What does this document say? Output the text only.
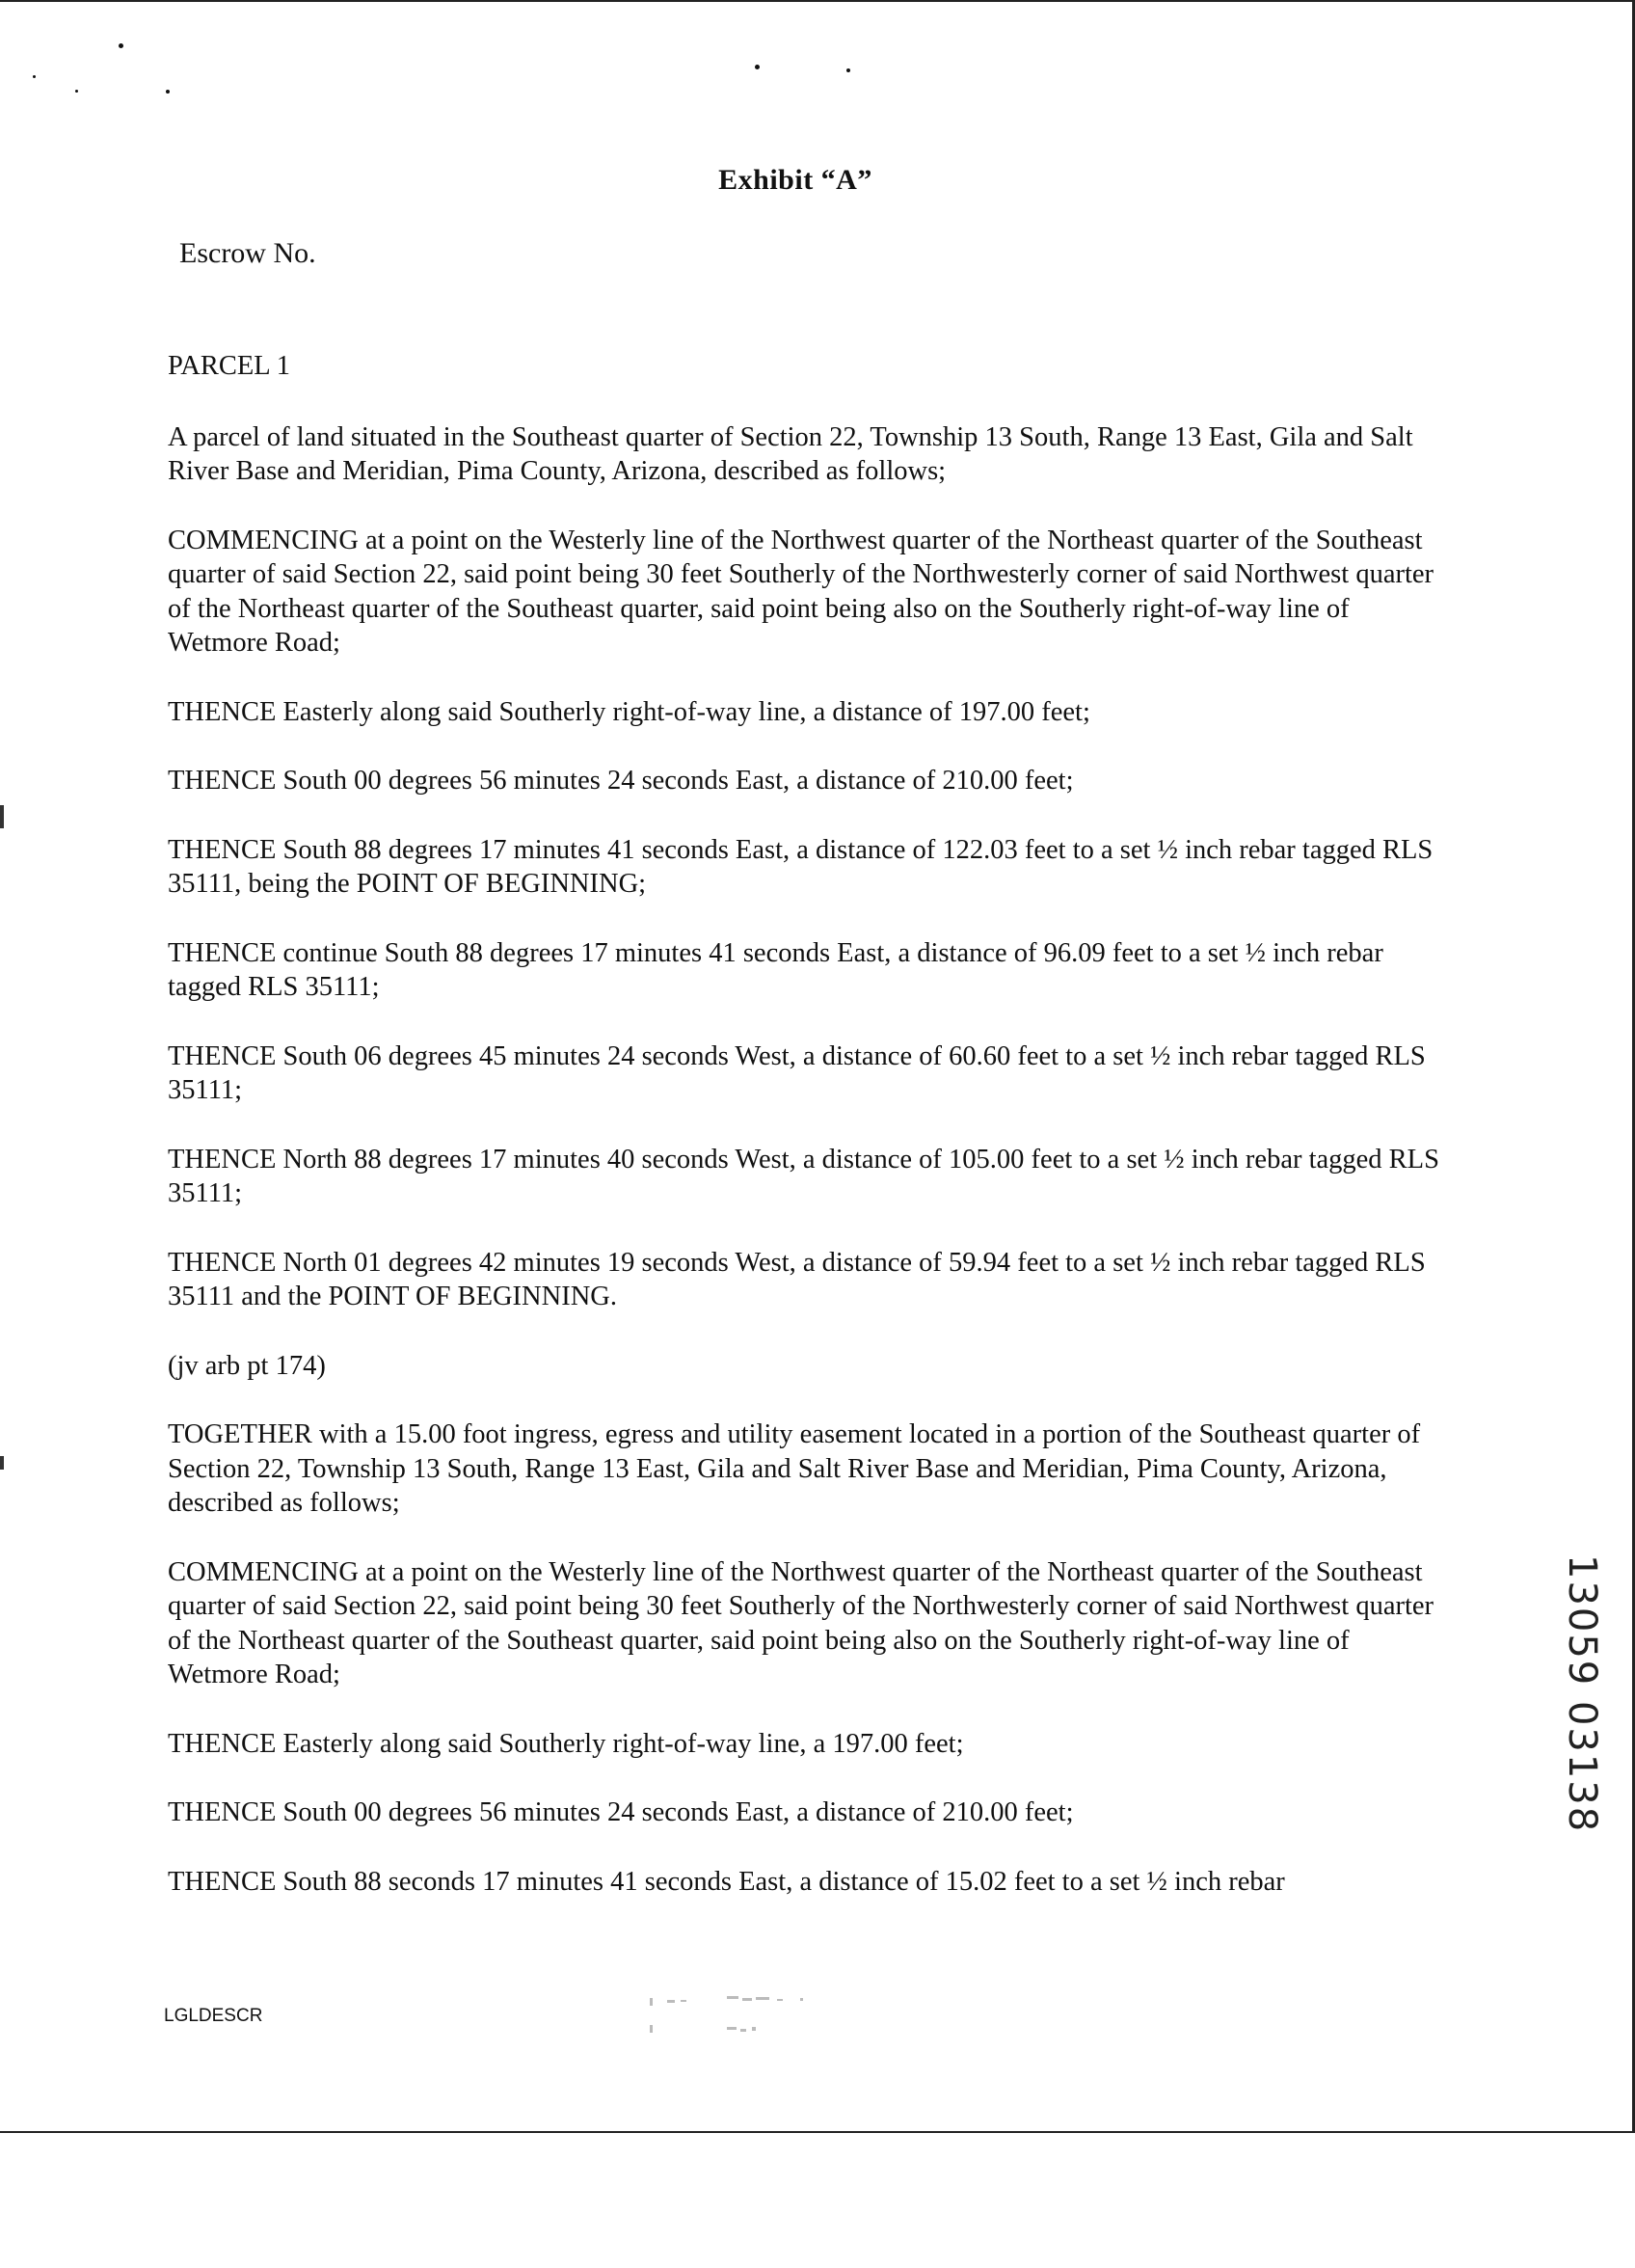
Exhibit “A”
Escrow No.

PARCEL 1

A parcel of land situated in the Southeast quarter of Section 22, Township 13 South, Range 13 East, Gila and Salt River Base and Meridian, Pima County, Arizona, described as follows;

COMMENCING at a point on the Westerly line of the Northwest quarter of the Northeast quarter of the Southeast quarter of said Section 22, said point being 30 feet Southerly of the Northwesterly corner of said Northwest quarter of the Northeast quarter of the Southeast quarter, said point being also on the Southerly right-of-way line of Wetmore Road;

THENCE Easterly along said Southerly right-of-way line, a distance of 197.00 feet;

THENCE South 00 degrees 56 minutes 24 seconds East, a distance of 210.00 feet;

THENCE South 88 degrees 17 minutes 41 seconds East, a distance of 122.03 feet to a set ½ inch rebar tagged RLS 35111, being the POINT OF BEGINNING;

THENCE continue South 88 degrees 17 minutes 41 seconds East, a distance of 96.09 feet to a set ½ inch rebar tagged RLS 35111;

THENCE South 06 degrees 45 minutes 24 seconds West, a distance of 60.60 feet to a set ½ inch rebar tagged RLS 35111;

THENCE North 88 degrees 17 minutes 40 seconds West, a distance of 105.00 feet to a set ½ inch rebar tagged RLS 35111;

THENCE North 01 degrees 42 minutes 19 seconds West, a distance of 59.94 feet to a set ½ inch rebar tagged RLS 35111 and the POINT OF BEGINNING.

(jv arb pt 174)

TOGETHER with a 15.00 foot ingress, egress and utility easement located in a portion of the Southeast quarter of Section 22, Township 13 South, Range 13 East, Gila and Salt River Base and Meridian, Pima County, Arizona, described as follows;

COMMENCING at a point on the Westerly line of the Northwest quarter of the Northeast quarter of the Southeast quarter of said Section 22, said point being 30 feet Southerly of the Northwesterly corner of said Northwest quarter of the Northeast quarter of the Southeast quarter, said point being also on the Southerly right-of-way line of Wetmore Road;

THENCE Easterly along said Southerly right-of-way line, a 197.00 feet;

THENCE South 00 degrees 56 minutes 24 seconds East, a distance of 210.00 feet;

THENCE South 88 seconds 17 minutes 41 seconds East, a distance of 15.02 feet to a set ½ inch rebar

13059 03138
LGLDESCR
